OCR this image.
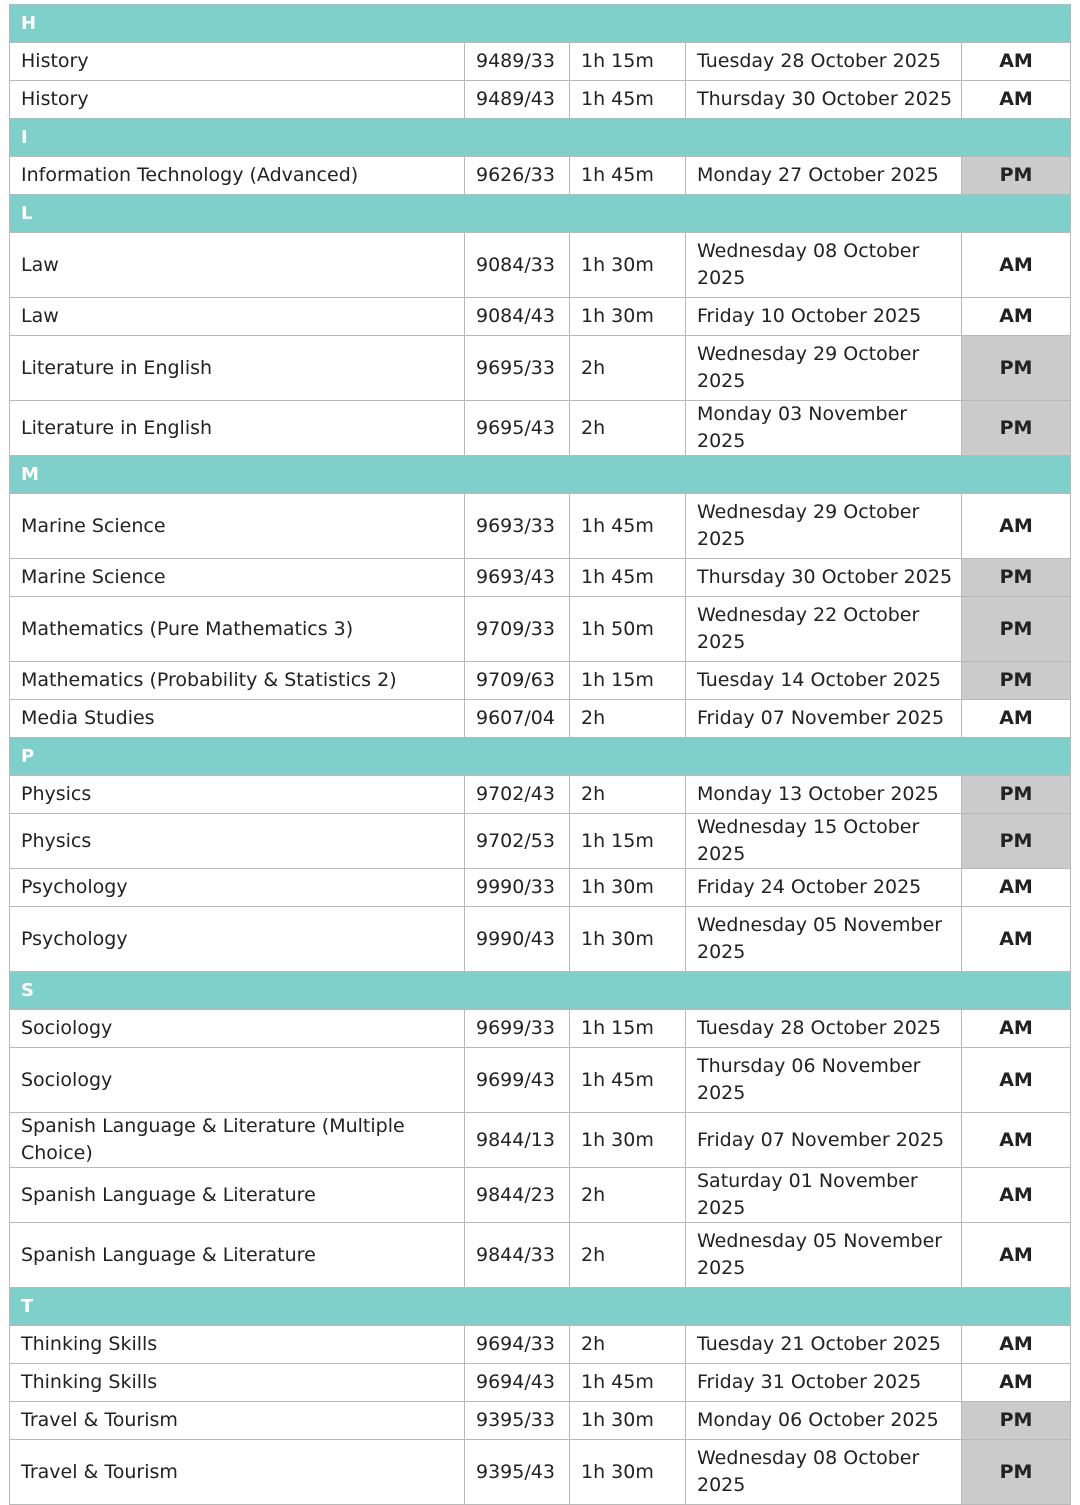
H				
History	9489/33	1h 15m	Tuesday 28 October 2025	AM
History	9489/43	1h 45m	Thursday 30 October 2025	AM
I				
Information Technology (Advanced)	9626/33	1h 45m	Monday 27 October 2025	PM
L				
Law	9084/33	1h 30m	Wednesday 08 October 2025	AM
Law	9084/43	1h 30m	Friday 10 October 2025	AM
Literature in English	9695/33	2h	Wednesday 29 October 2025	PM
Literature in English	9695/43	2h	Monday 03 November 2025	PM
M				
Marine Science	9693/33	1h 45m	Wednesday 29 October 2025	AM
Marine Science	9693/43	1h 45m	Thursday 30 October 2025	PM
Mathematics (Pure Mathematics 3)	9709/33	1h 50m	Wednesday 22 October 2025	PM
Mathematics (Probability & Statistics 2)	9709/63	1h 15m	Tuesday 14 October 2025	PM
Media Studies	9607/04	2h	Friday 07 November 2025	AM
P				
Physics	9702/43	2h	Monday 13 October 2025	PM
Physics	9702/53	1h 15m	Wednesday 15 October 2025	PM
Psychology	9990/33	1h 30m	Friday 24 October 2025	AM
Psychology	9990/43	1h 30m	Wednesday 05 November 2025	AM
S				
Sociology	9699/33	1h 15m	Tuesday 28 October 2025	AM
Sociology	9699/43	1h 45m	Thursday 06 November 2025	AM
Spanish Language & Literature (Multiple Choice)	9844/13	1h 30m	Friday 07 November 2025	AM
Spanish Language & Literature	9844/23	2h	Saturday 01 November 2025	AM
Spanish Language & Literature	9844/33	2h	Wednesday 05 November 2025	AM
T				
Thinking Skills	9694/33	2h	Tuesday 21 October 2025	AM
Thinking Skills	9694/43	1h 45m	Friday 31 October 2025	AM
Travel & Tourism	9395/33	1h 30m	Monday 06 October 2025	PM
Travel & Tourism	9395/43	1h 30m	Wednesday 08 October 2025	PM
